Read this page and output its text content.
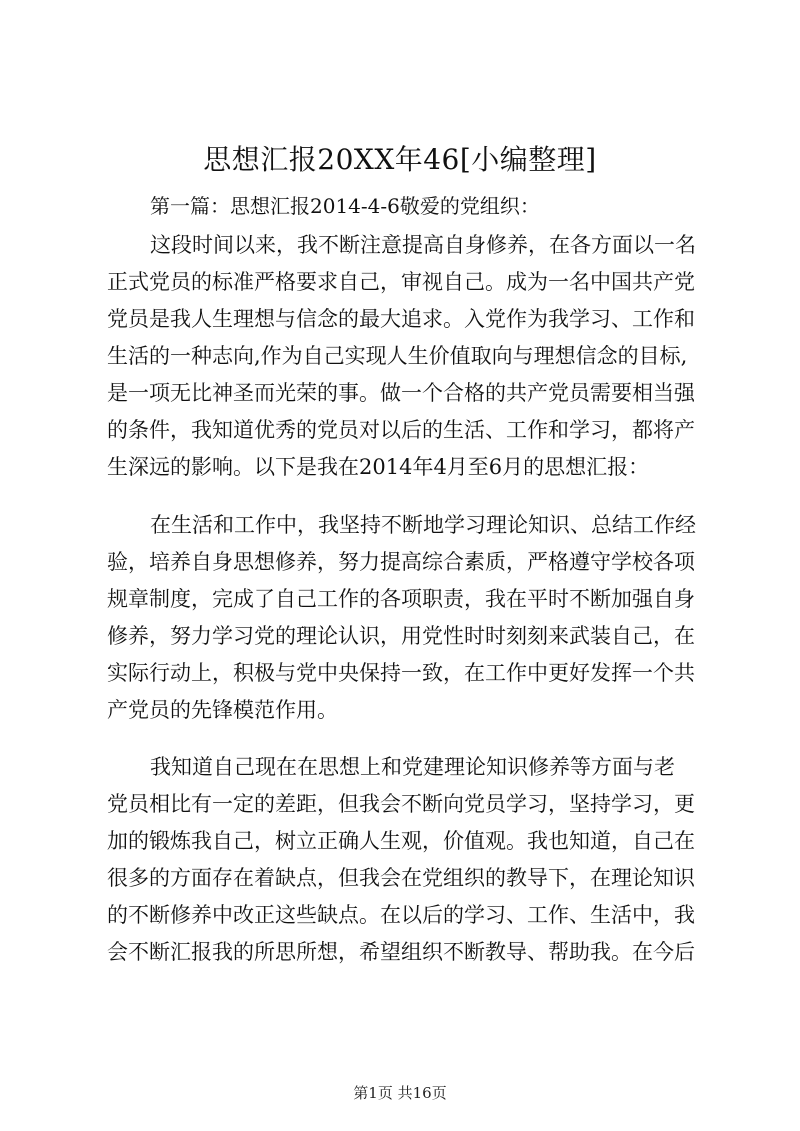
思想汇报20XX年46[小编整理]
第一篇：思想汇报2014-4-6敬爱的党组织：
这段时间以来，我不断注意提高自身修养，在各方面以一名
正式党员的标准严格要求自己，审视自己。成为一名中国共产党
党员是我人生理想与信念的最大追求。入党作为我学习、工作和
生活的一种志向,作为自己实现人生价值取向与理想信念的目标,
是一项无比神圣而光荣的事。做一个合格的共产党员需要相当强
的条件，我知道优秀的党员对以后的生活、工作和学习，都将产
生深远的影响。以下是我在2014年4月至6月的思想汇报：
在生活和工作中，我坚持不断地学习理论知识、总结工作经
验，培养自身思想修养，努力提高综合素质，严格遵守学校各项
规章制度，完成了自己工作的各项职责，我在平时不断加强自身
修养，努力学习党的理论认识，用党性时时刻刻来武装自己，在
实际行动上，积极与党中央保持一致，在工作中更好发挥一个共
产党员的先锋模范作用。
我知道自己现在在思想上和党建理论知识修养等方面与老
党员相比有一定的差距，但我会不断向党员学习，坚持学习，更
加的锻炼我自己，树立正确人生观，价值观。我也知道，自己在
很多的方面存在着缺点，但我会在党组织的教导下，在理论知识
的不断修养中改正这些缺点。在以后的学习、工作、生活中，我
会不断汇报我的所思所想，希望组织不断教导、帮助我。在今后
第1页 共16页
